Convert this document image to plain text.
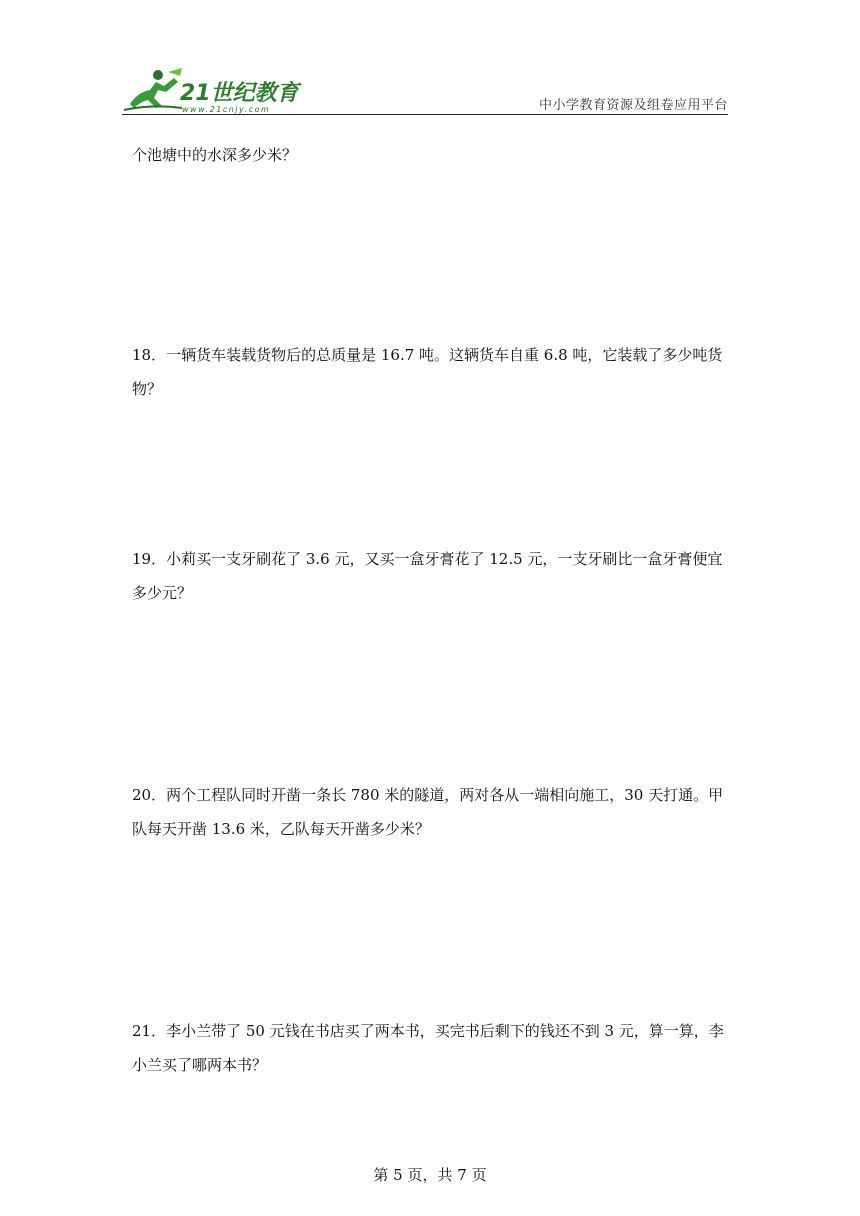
21世纪教育
www.21cnjy.com	中小学教育资源及组卷应用平台
个池塘中的水深多少米？
18．一辆货车装载货物后的总质量是 16.7 吨。这辆货车自重 6.8 吨，它装载了多少吨货物？
19．小莉买一支牙刷花了 3.6 元，又买一盒牙膏花了 12.5 元，一支牙刷比一盒牙膏便宜多少元？
20．两个工程队同时开凿一条长 780 米的隧道，两对各从一端相向施工，30 天打通。甲队每天开凿 13.6 米，乙队每天开凿多少米？
21．李小兰带了 50 元钱在书店买了两本书，买完书后剩下的钱还不到 3 元，算一算，李小兰买了哪两本书？
第 5 页，共 7 页
